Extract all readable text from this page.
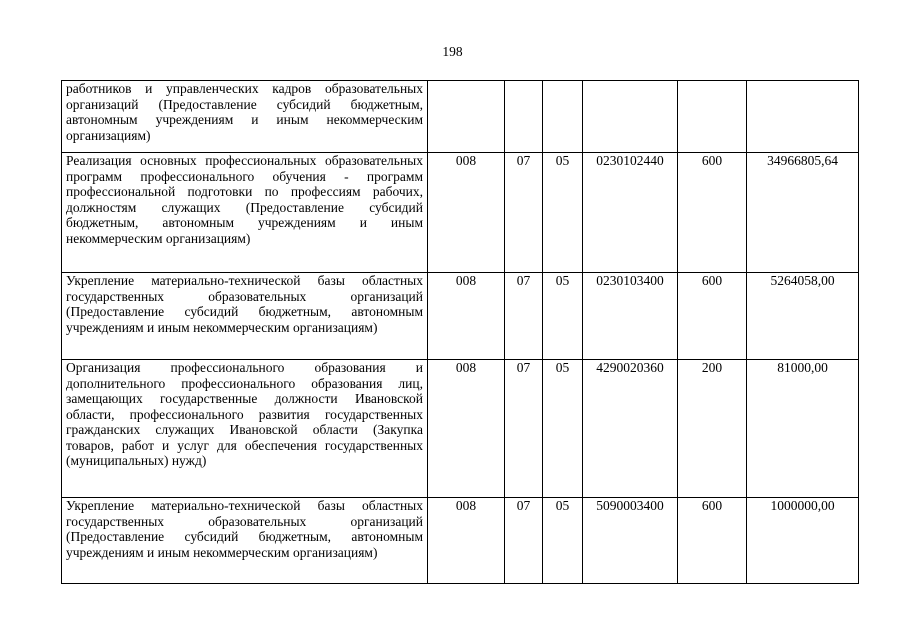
198
работников и управленческих кадров образовательных организаций (Предоставление субсидий бюджетным, автономным учреждениям и иным некоммерческим организациям)						
Реализация основных профессиональных образовательных программ профессионального обучения - программ профессиональной подготовки по профессиям рабочих, должностям служащих (Предоставление субсидий бюджетным, автономным учреждениям и иным некоммерческим организациям)	008	07	05	0230102440	600	34966805,64
Укрепление материально-технической базы областных государственных образовательных организаций (Предоставление субсидий бюджетным, автономным учреждениям и иным некоммерческим организациям)	008	07	05	0230103400	600	5264058,00
Организация профессионального образования и дополнительного профессионального образования лиц, замещающих государственные должности Ивановской области, профессионального развития государственных гражданских служащих Ивановской области (Закупка товаров, работ и услуг для обеспечения государственных (муниципальных) нужд)	008	07	05	4290020360	200	81000,00
Укрепление материально-технической базы областных государственных образовательных организаций (Предоставление субсидий бюджетным, автономным учреждениям и иным некоммерческим организациям)	008	07	05	5090003400	600	1000000,00
